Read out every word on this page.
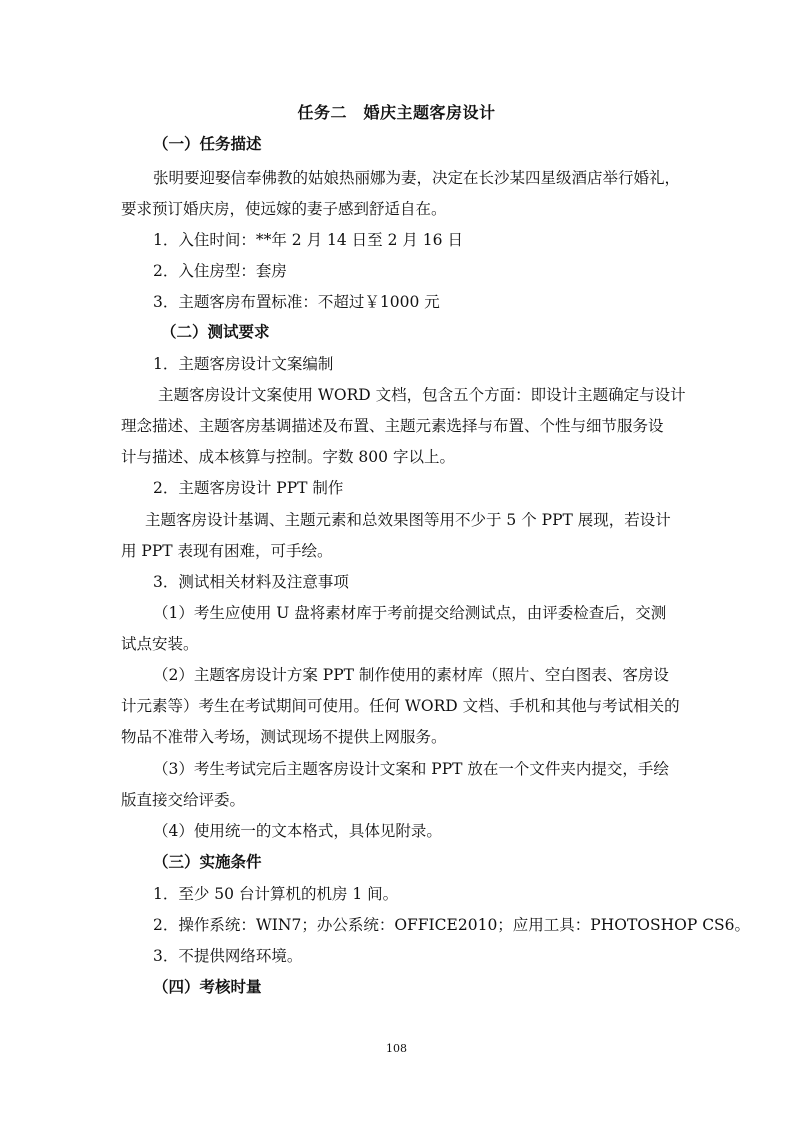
任务二　婚庆主题客房设计
（一）任务描述
张明要迎娶信奉佛教的姑娘热丽娜为妻，决定在长沙某四星级酒店举行婚礼，
要求预订婚庆房，使远嫁的妻子感到舒适自在。
1．入住时间：**年 2 月 14 日至 2 月 16 日
2．入住房型：套房
3．主题客房布置标准：不超过￥1000 元
（二）测试要求
1．主题客房设计文案编制
主题客房设计文案使用 WORD 文档，包含五个方面：即设计主题确定与设计
理念描述、主题客房基调描述及布置、主题元素选择与布置、个性与细节服务设
计与描述、成本核算与控制。字数 800 字以上。
2．主题客房设计 PPT 制作
主题客房设计基调、主题元素和总效果图等用不少于 5 个 PPT 展现，若设计
用 PPT 表现有困难，可手绘。
3．测试相关材料及注意事项
（1）考生应使用 U 盘将素材库于考前提交给测试点，由评委检查后，交测
试点安装。
（2）主题客房设计方案 PPT 制作使用的素材库（照片、空白图表、客房设
计元素等）考生在考试期间可使用。任何 WORD 文档、手机和其他与考试相关的
物品不准带入考场，测试现场不提供上网服务。
（3）考生考试完后主题客房设计文案和 PPT 放在一个文件夹内提交，手绘
版直接交给评委。
（4）使用统一的文本格式，具体见附录。
（三）实施条件
1．至少 50 台计算机的机房 1 间。
2．操作系统：WIN7；办公系统：OFFICE2010；应用工具：PHOTOSHOP CS6。
3．不提供网络环境。
（四）考核时量
108
